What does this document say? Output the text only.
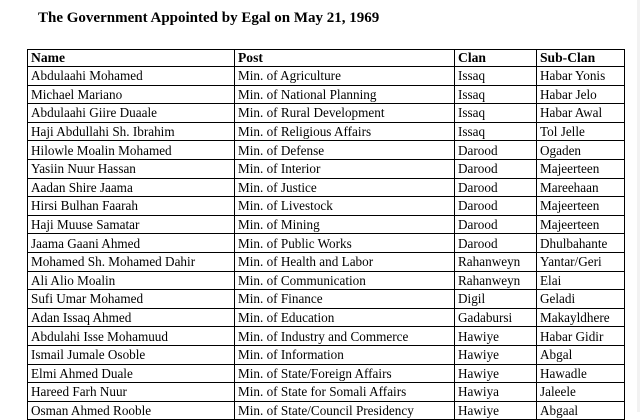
The Government Appointed by Egal on May 21, 1969
Name	Post	Clan	Sub-Clan
Abdulaahi Mohamed	Min. of Agriculture	Issaq	Habar Yonis
Michael Mariano	Min. of National Planning	Issaq	Habar Jelo
Abdulaahi Giire Duaale	Min. of Rural Development	Issaq	Habar Awal
Haji Abdullahi Sh. Ibrahim	Min. of Religious Affairs	Issaq	Tol Jelle
Hilowle Moalin Mohamed	Min. of Defense	Darood	Ogaden
Yasiin Nuur Hassan	Min. of Interior	Darood	Majeerteen
Aadan Shire Jaama	Min. of Justice	Darood	Mareehaan
Hirsi Bulhan Faarah	Min. of Livestock	Darood	Majeerteen
Haji Muuse Samatar	Min. of Mining	Darood	Majeerteen
Jaama Gaani Ahmed	Min. of Public Works	Darood	Dhulbahante
Mohamed Sh. Mohamed Dahir	Min. of Health and Labor	Rahanweyn	Yantar/Geri
Ali Alio Moalin	Min. of Communication	Rahanweyn	Elai
Sufi Umar Mohamed	Min. of Finance	Digil	Geladi
Adan Issaq Ahmed	Min. of Education	Gadabursi	Makayldhere
Abdulahi Isse Mohamuud	Min. of Industry and Commerce	Hawiye	Habar Gidir
Ismail Jumale Osoble	Min. of Information	Hawiye	Abgal
Elmi Ahmed Duale	Min. of State/Foreign Affairs	Hawiye	Hawadle
Hareed Farh Nuur	Min. of State for Somali Affairs	Hawiya	Jaleele
Osman Ahmed Rooble	Min. of State/Council Presidency	Hawiye	Abgaal
